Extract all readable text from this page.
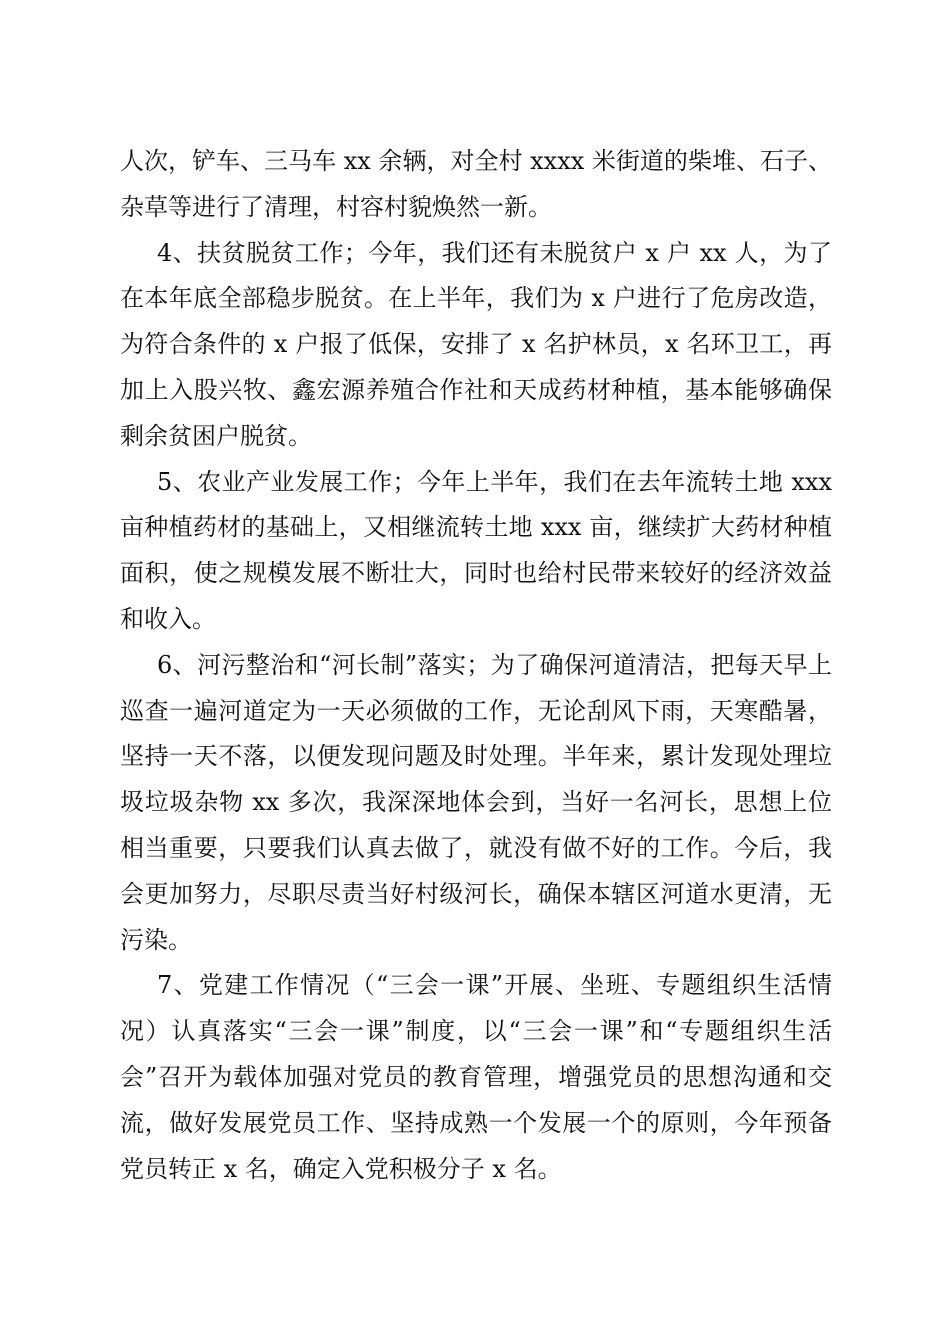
人次，铲车、三马车 xx 余辆，对全村 xxxx 米街道的柴堆、石子、杂草等进行了清理，村容村貌焕然一新。

4、扶贫脱贫工作；今年，我们还有未脱贫户 x 户 xx 人，为了在本年底全部稳步脱贫。在上半年，我们为 x 户进行了危房改造，为符合条件的 x 户报了低保，安排了 x 名护林员，x 名环卫工，再加上入股兴牧、鑫宏源养殖合作社和天成药材种植，基本能够确保剩余贫困户脱贫。

5、农业产业发展工作；今年上半年，我们在去年流转土地 xxx 亩种植药材的基础上，又相继流转土地 xxx 亩，继续扩大药材种植面积，使之规模发展不断壮大，同时也给村民带来较好的经济效益和收入。

6、河污整治和“河长制”落实；为了确保河道清洁，把每天早上巡查一遍河道定为一天必须做的工作，无论刮风下雨，天寒酷暑，坚持一天不落，以便发现问题及时处理。半年来，累计发现处理垃圾垃圾杂物 xx 多次，我深深地体会到，当好一名河长，思想上位相当重要，只要我们认真去做了，就没有做不好的工作。今后，我会更加努力，尽职尽责当好村级河长，确保本辖区河道水更清，无污染。

7、党建工作情况（“三会一课”开展、坐班、专题组织生活情况）认真落实“三会一课”制度，以“三会一课”和“专题组织生活会”召开为载体加强对党员的教育管理，增强党员的思想沟通和交流，做好发展党员工作、坚持成熟一个发展一个的原则，今年预备党员转正 x 名，确定入党积极分子 x 名。
